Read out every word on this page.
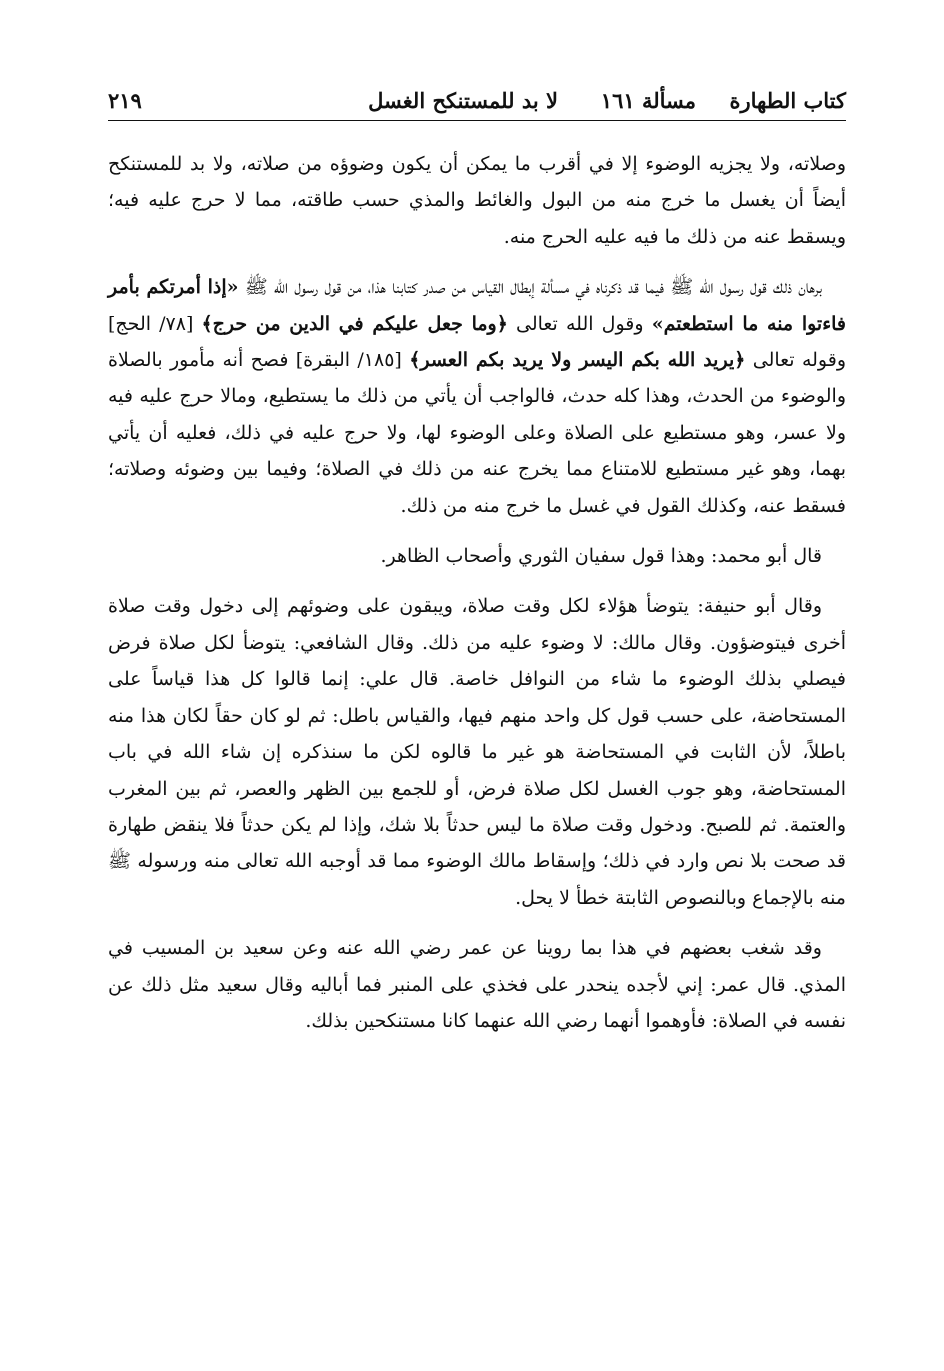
كتاب الطهارة
مسألة ١٦١
لا بد للمستنكح الغسل
٢١٩

وصلاته، ولا يجزيه الوضوء إلا في أقرب ما يمكن أن يكون وضوؤه من صلاته، ولا بد للمستنكح أيضاً أن يغسل ما خرج منه من البول والغائط والمذي حسب طاقته، مما لا حرج عليه فيه؛ ويسقط عنه من ذلك ما فيه عليه الحرج منه.

برهان ذلك قول رسول الله ﷺ فيما قد ذكرناه في مسألة إبطال القياس من صدر كتابنا هذا، من قول رسول الله ﷺ «إذا أمرتكم بأمر فاءتوا منه ما استطعتم» وقول الله تعالى ﴿وما جعل عليكم في الدين من حرج﴾ [٧٨/ الحج] وقوله تعالى ﴿يريد الله بكم اليسر ولا يريد بكم العسر﴾ [١٨٥/ البقرة] فصح أنه مأمور بالصلاة والوضوء من الحدث، وهذا كله حدث، فالواجب أن يأتي من ذلك ما يستطيع، ومالا حرج عليه فيه ولا عسر، وهو مستطيع على الصلاة وعلى الوضوء لها، ولا حرج عليه في ذلك، فعليه أن يأتي بهما، وهو غير مستطيع للامتناع مما يخرج عنه من ذلك في الصلاة؛ وفيما بين وضوئه وصلاته؛ فسقط عنه، وكذلك القول في غسل ما خرج منه من ذلك.

قال أبو محمد: وهذا قول سفيان الثوري وأصحاب الظاهر.

وقال أبو حنيفة: يتوضأ هؤلاء لكل وقت صلاة، ويبقون على وضوئهم إلى دخول وقت صلاة أخرى فيتوضؤون. وقال مالك: لا وضوء عليه من ذلك. وقال الشافعي: يتوضأ لكل صلاة فرض فيصلي بذلك الوضوء ما شاء من النوافل خاصة. قال علي: إنما قالوا كل هذا قياساً على المستحاضة، على حسب قول كل واحد منهم فيها، والقياس باطل: ثم لو كان حقاً لكان هذا منه باطلاً، لأن الثابت في المستحاضة هو غير ما قالوه لكن ما سنذكره إن شاء الله في باب المستحاضة، وهو جوب الغسل لكل صلاة فرض، أو للجمع بين الظهر والعصر، ثم بين المغرب والعتمة. ثم للصبح. ودخول وقت صلاة ما ليس حدثاً بلا شك، وإذا لم يكن حدثاً فلا ينقض طهارة قد صحت بلا نص وارد في ذلك؛ وإسقاط مالك الوضوء مما قد أوجبه الله تعالى منه ورسوله ﷺ منه بالإجماع وبالنصوص الثابتة خطأ لا يحل.

وقد شغب بعضهم في هذا بما روينا عن عمر رضي الله عنه وعن سعيد بن المسيب في المذي. قال عمر: إني لأجده ينحدر على فخذي على المنبر فما أباليه وقال سعيد مثل ذلك عن نفسه في الصلاة: فأوهموا أنهما رضي الله عنهما كانا مستنكحين بذلك.
